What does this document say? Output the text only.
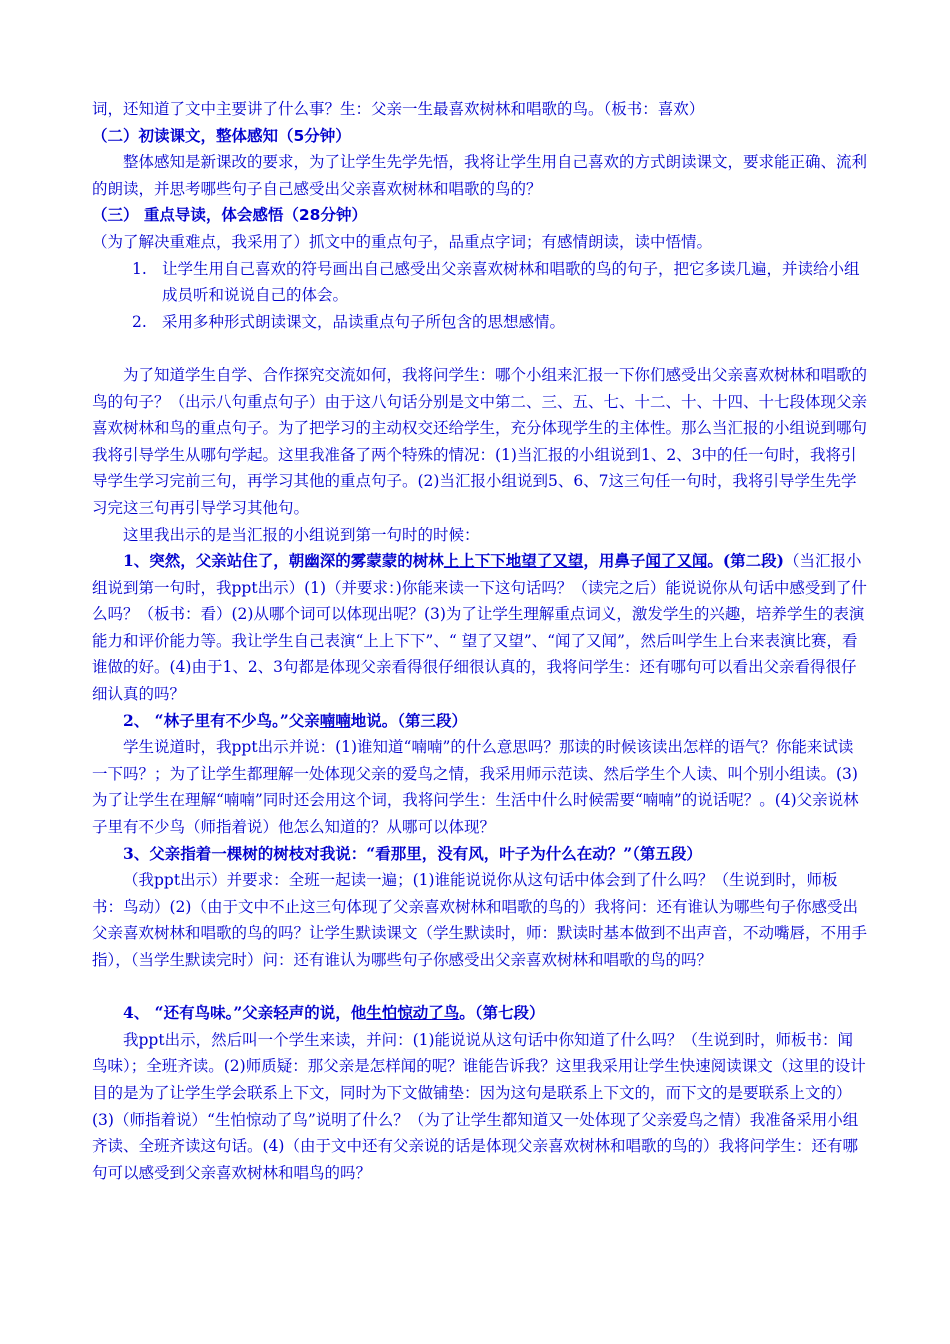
词，还知道了文中主要讲了什么事？生：父亲一生最喜欢树林和唱歌的鸟。（板书：喜欢）

（二）初读课文，整体感知（5分钟）

整体感知是新课改的要求，为了让学生先学先悟，我将让学生用自己喜欢的方式朗读课文，要求能正确、流利的朗读，并思考哪些句子自己感受出父亲喜欢树林和唱歌的鸟的？

（三） 重点导读，体会感悟（28分钟）

（为了解决重难点，我采用了）抓文中的重点句子，品重点字词；有感情朗读，读中悟情。

1. 让学生用自己喜欢的符号画出自己感受出父亲喜欢树林和唱歌的鸟的句子，把它多读几遍，并读给小组成员听和说说自己的体会。
2. 采用多种形式朗读课文，品读重点句子所包含的思想感情。

为了知道学生自学、合作探究交流如何，我将问学生：哪个小组来汇报一下你们感受出父亲喜欢树林和唱歌的鸟的句子？（出示八句重点句子）由于这八句话分别是文中第二、三、五、七、十二、十、十四、十七段体现父亲喜欢树林和鸟的重点句子。为了把学习的主动权交还给学生，充分体现学生的主体性。那么当汇报的小组说到哪句我将引导学生从哪句学起。这里我准备了两个特殊的情况：(1)当汇报的小组说到1、2、3中的任一句时，我将引导学生学习完前三句，再学习其他的重点句子。(2)当汇报小组说到5、6、7这三句任一句时，我将引导学生先学习完这三句再引导学习其他句。

这里我出示的是当汇报的小组说到第一句时的时候：

1、突然，父亲站住了，朝幽深的雾蒙蒙的树林上上下下地望了又望，用鼻子闻了又闻。(第二段)（当汇报小组说到第一句时，我ppt出示）(1)（并要求：)你能来读一下这句话吗？（读完之后）能说说你从句话中感受到了什么吗？（板书：看）(2)从哪个词可以体现出呢？(3)为了让学生理解重点词义，激发学生的兴趣，培养学生的表演能力和评价能力等。我让学生自己表演“上上下下”、“ 望了又望”、“闻了又闻”，然后叫学生上台来表演比赛，看谁做的好。(4)由于1、2、3句都是体现父亲看得很仔细很认真的，我将问学生：还有哪句可以看出父亲看得很仔细认真的吗？

2、 “林子里有不少鸟。”父亲喃喃地说。（第三段）

学生说道时，我ppt出示并说：(1)谁知道“喃喃”的什么意思吗？那读的时候该读出怎样的语气？你能来试读一下吗？；为了让学生都理解一处体现父亲的爱鸟之情，我采用师示范读、然后学生个人读、叫个别小组读。(3)为了让学生在理解“喃喃”同时还会用这个词，我将问学生：生活中什么时候需要“喃喃”的说话呢？。(4)父亲说林子里有不少鸟（师指着说）他怎么知道的？从哪可以体现？

3、父亲指着一棵树的树枝对我说：“看那里，没有风，叶子为什么在动？”（第五段）

（我ppt出示）并要求：全班一起读一遍；(1)谁能说说你从这句话中体会到了什么吗？（生说到时，师板书：鸟动）(2)（由于文中不止这三句体现了父亲喜欢树林和唱歌的鸟的）我将问：还有谁认为哪些句子你感受出父亲喜欢树林和唱歌的鸟的吗？让学生默读课文（学生默读时，师：默读时基本做到不出声音，不动嘴唇，不用手指），（当学生默读完时）问：还有谁认为哪些句子你感受出父亲喜欢树林和唱歌的鸟的吗？

4、 “还有鸟味。”父亲轻声的说，他生怕惊动了鸟。（第七段）

我ppt出示，然后叫一个学生来读，并问：(1)能说说从这句话中你知道了什么吗？（生说到时，师板书：闻 鸟味）；全班齐读。(2)师质疑：那父亲是怎样闻的呢？谁能告诉我？这里我采用让学生快速阅读课文（这里的设计目的是为了让学生学会联系上下文，同时为下文做铺垫：因为这句是联系上下文的，而下文的是要联系上文的）(3)（师指着说）“生怕惊动了鸟”说明了什么？（为了让学生都知道又一处体现了父亲爱鸟之情）我准备采用小组齐读、全班齐读这句话。(4)（由于文中还有父亲说的话是体现父亲喜欢树林和唱歌的鸟的）我将问学生：还有哪句可以感受到父亲喜欢树林和唱鸟的吗？
